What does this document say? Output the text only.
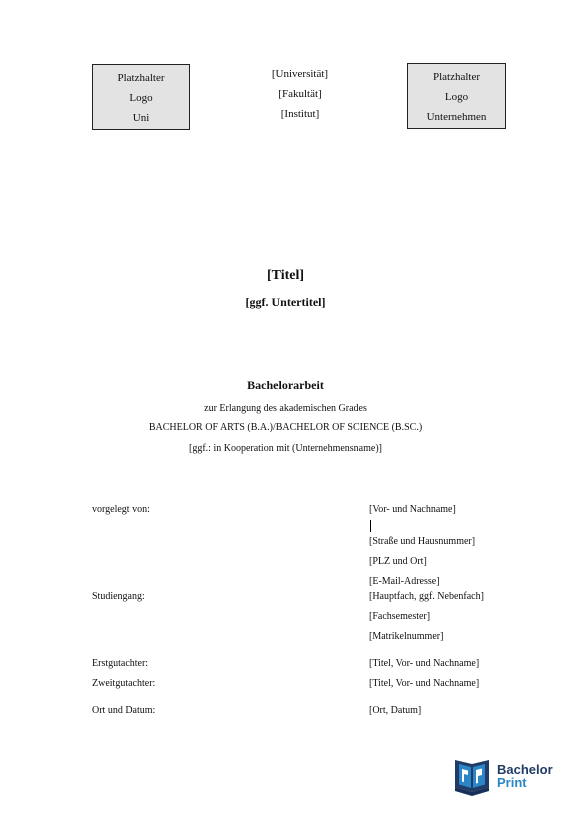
Platzhalter
Logo
Uni
[Universität]
[Fakultät]
[Institut]
Platzhalter
Logo
Unternehmen
[Titel]
[ggf. Untertitel]
Bachelorarbeit
zur Erlangung des akademischen Grades
BACHELOR OF ARTS (B.A.)/BACHELOR OF SCIENCE (B.SC.)
[ggf.: in Kooperation mit (Unternehmensname)]
vorgelegt von:	[Vor- und Nachname]
[Straße und Hausnummer]
[PLZ und Ort]
[E-Mail-Adresse]
Studiengang:	[Hauptfach, ggf. Nebenfach]
[Fachsemester]
[Matrikelnummer]
Erstgutachter:	[Titel, Vor- und Nachname]
Zweitgutachter:	[Titel, Vor- und Nachname]
Ort und Datum:	[Ort, Datum]
Bachelor
Print
